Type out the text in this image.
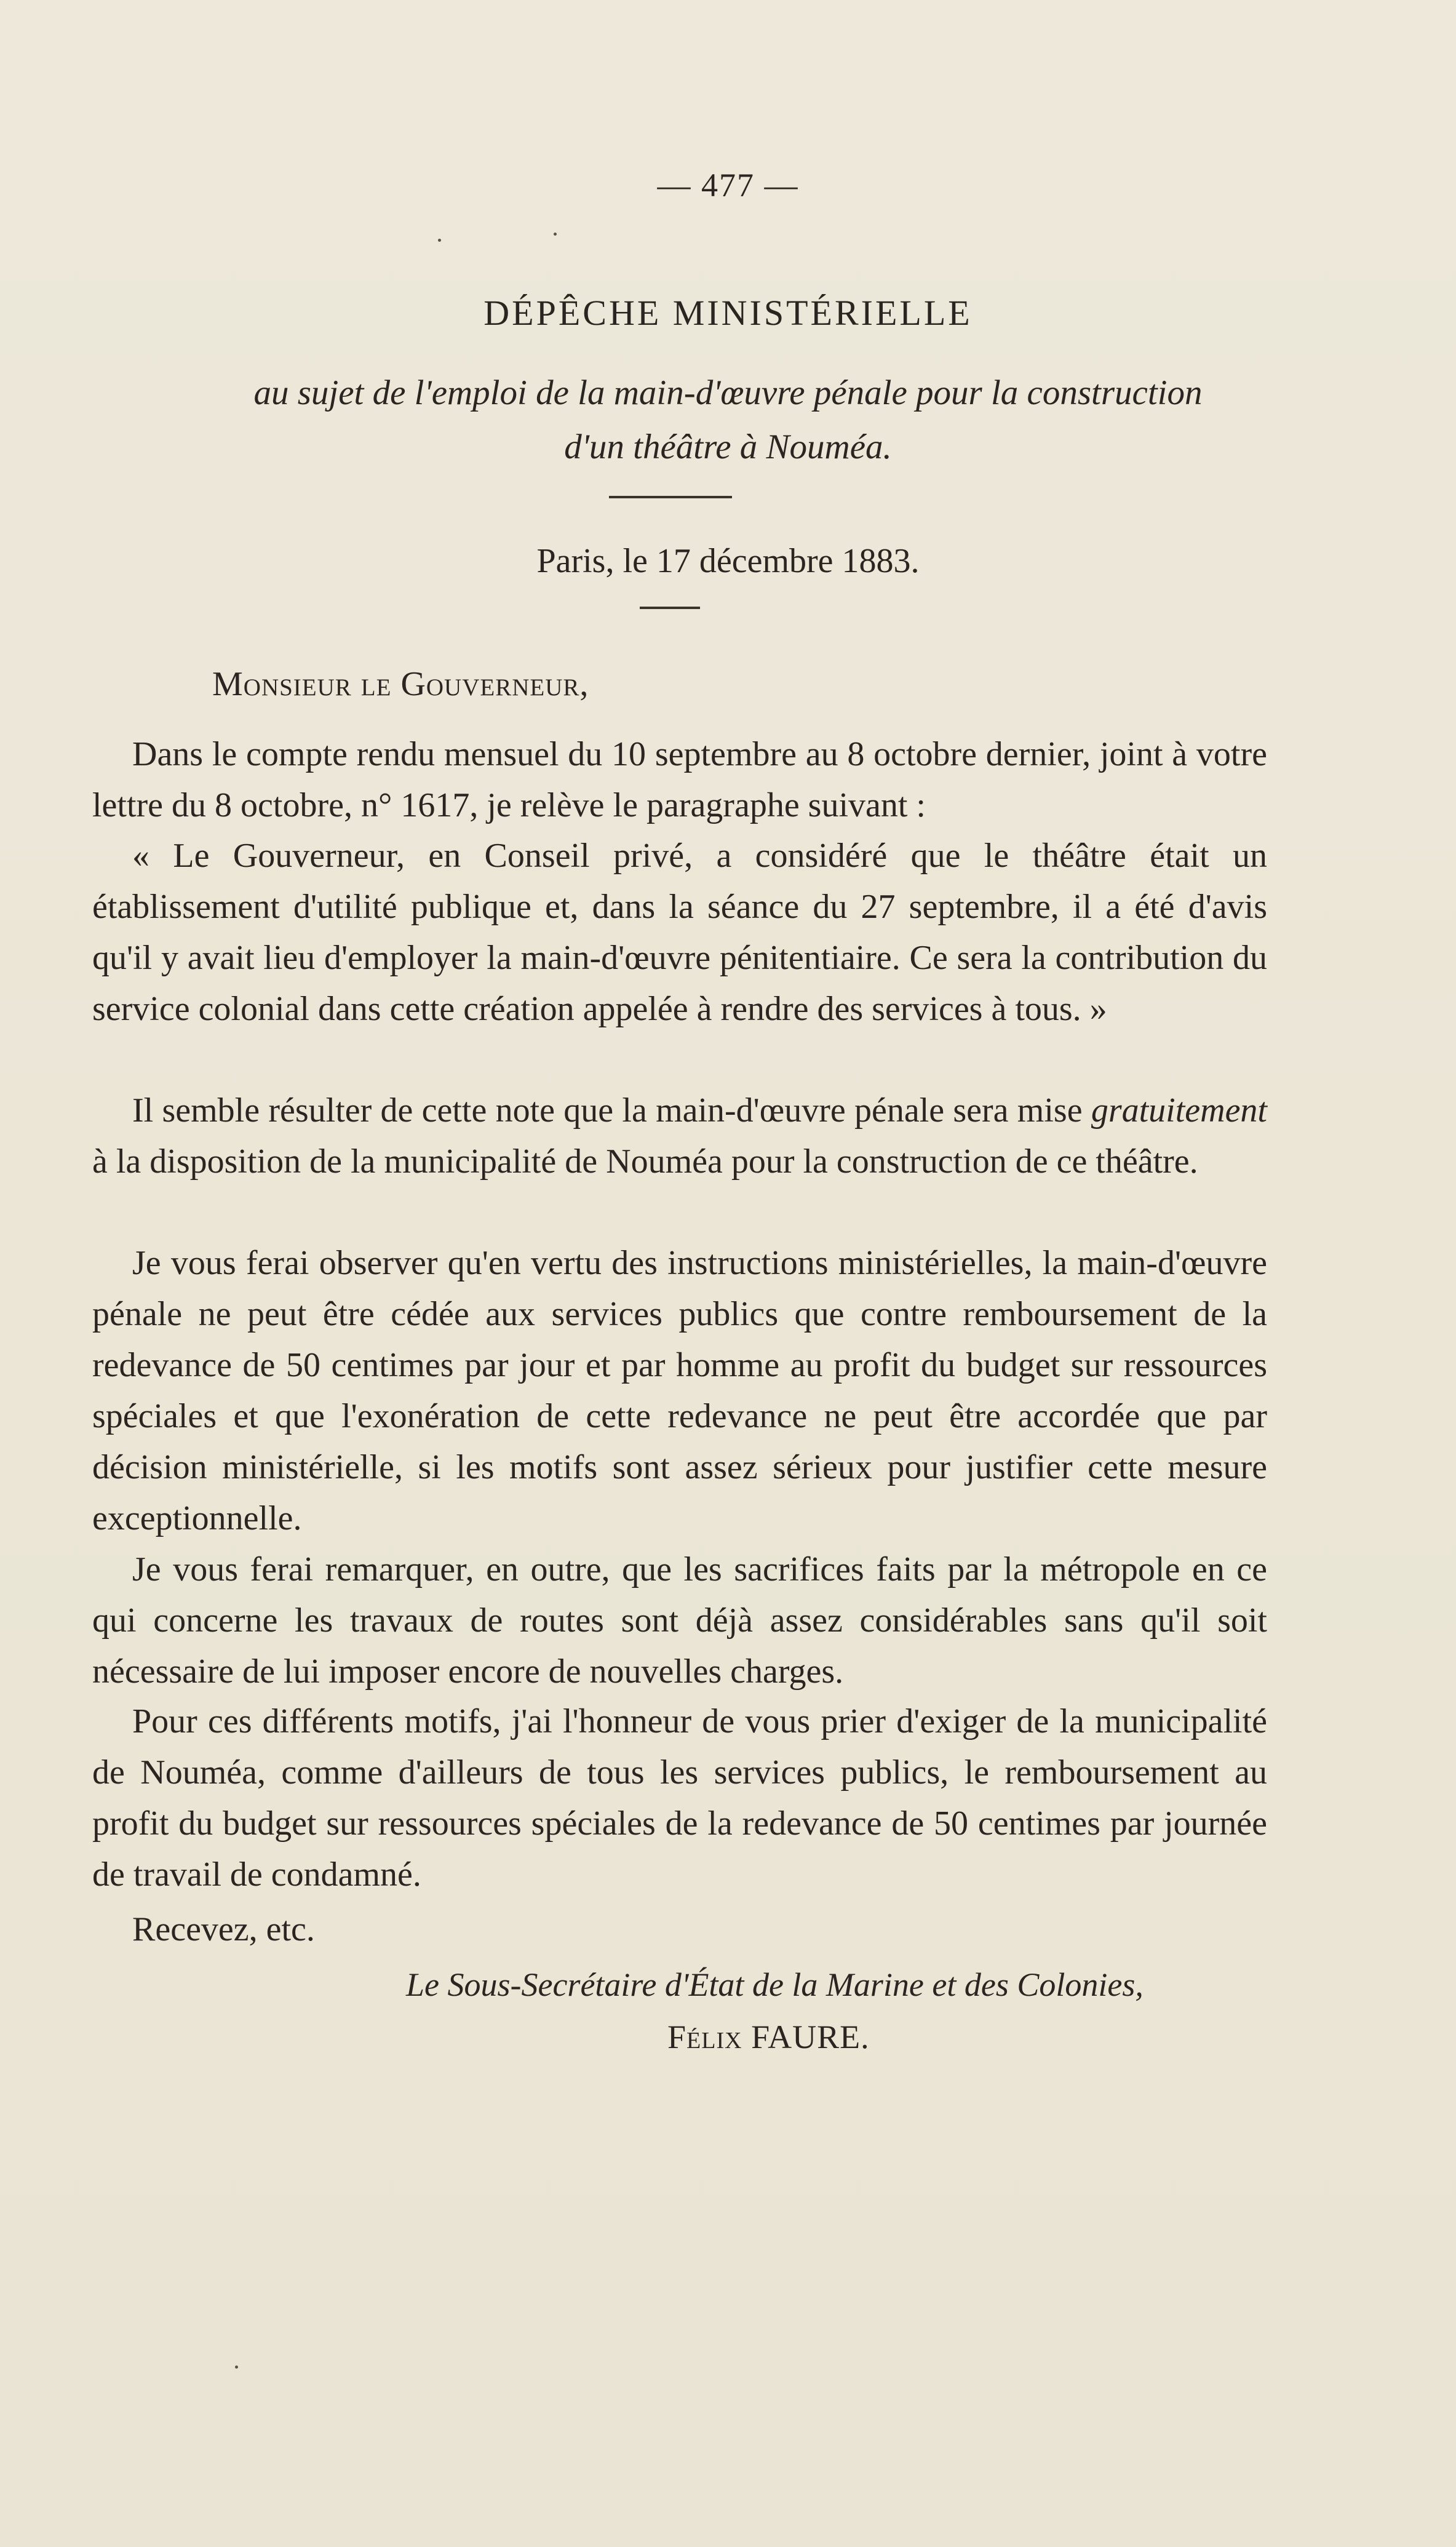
— 477 —
DÉPÊCHE MINISTÉRIELLE
au sujet de l'emploi de la main-d'œuvre pénale pour la construction
d'un théâtre à Nouméa.
Paris, le 17 décembre 1883.
Monsieur le Gouverneur,

Dans le compte rendu mensuel du 10 septembre au 8 octobre dernier, joint à votre lettre du 8 octobre, n° 1617, je relève le paragraphe suivant :

« Le Gouverneur, en Conseil privé, a considéré que le théâtre était un établissement d'utilité publique et, dans la séance du 27 septembre, il a été d'avis qu'il y avait lieu d'employer la main-d'œuvre pénitentiaire. Ce sera la contribution du service colonial dans cette création appelée à rendre des services à tous. »

Il semble résulter de cette note que la main-d'œuvre pénale sera mise gratuitement à la disposition de la municipalité de Nouméa pour la construction de ce théâtre.

Je vous ferai observer qu'en vertu des instructions ministérielles, la main-d'œuvre pénale ne peut être cédée aux services publics que contre remboursement de la redevance de 50 centimes par jour et par homme au profit du budget sur ressources spéciales et que l'exonération de cette redevance ne peut être accordée que par décision ministérielle, si les motifs sont assez sérieux pour justifier cette mesure exceptionnelle.

Je vous ferai remarquer, en outre, que les sacrifices faits par la métropole en ce qui concerne les travaux de routes sont déjà assez considérables sans qu'il soit nécessaire de lui imposer encore de nouvelles charges.

Pour ces différents motifs, j'ai l'honneur de vous prier d'exiger de la municipalité de Nouméa, comme d'ailleurs de tous les services publics, le remboursement au profit du budget sur ressources spéciales de la redevance de 50 centimes par journée de travail de condamné.

Recevez, etc.

Le Sous-Secrétaire d'État de la Marine et des Colonies,
Félix FAURE.
